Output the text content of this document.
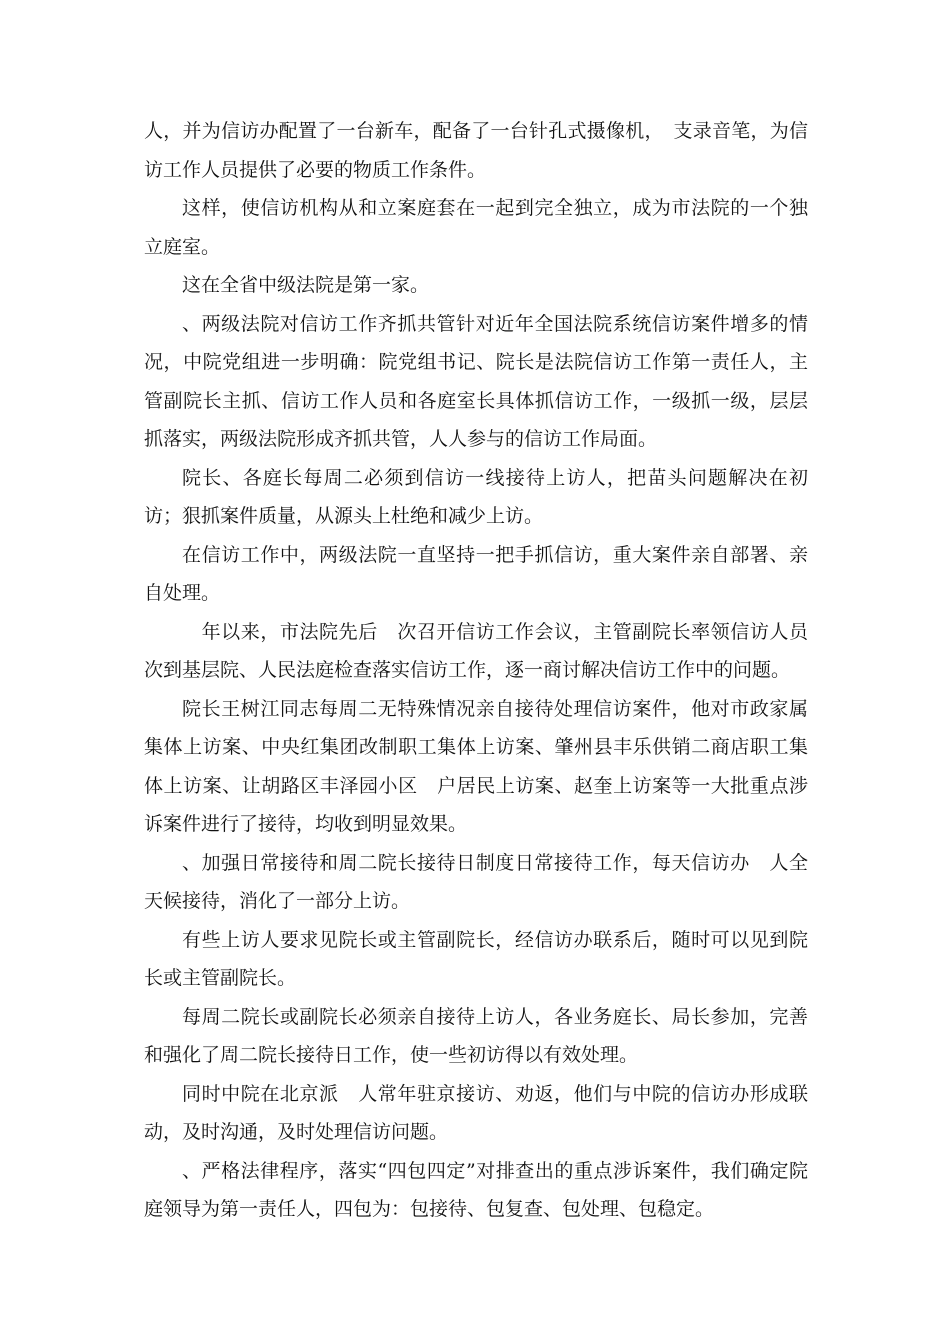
人，并为信访办配置了一台新车，配备了一台针孔式摄像机，　支录音笔，为信访工作人员提供了必要的物质工作条件。

这样，使信访机构从和立案庭套在一起到完全独立，成为市法院的一个独立庭室。

这在全省中级法院是第一家。

、两级法院对信访工作齐抓共管针对近年全国法院系统信访案件增多的情况，中院党组进一步明确：院党组书记、院长是法院信访工作第一责任人，主管副院长主抓、信访工作人员和各庭室长具体抓信访工作，一级抓一级，层层抓落实，两级法院形成齐抓共管，人人参与的信访工作局面。

院长、各庭长每周二必须到信访一线接待上访人，把苗头问题解决在初访；狠抓案件质量，从源头上杜绝和减少上访。

在信访工作中，两级法院一直坚持一把手抓信访，重大案件亲自部署、亲自处理。

　年以来，市法院先后　次召开信访工作会议，主管副院长率领信访人员　次到基层院、人民法庭检查落实信访工作，逐一商讨解决信访工作中的问题。

院长王树江同志每周二无特殊情况亲自接待处理信访案件，他对市政家属集体上访案、中央红集团改制职工集体上访案、肇州县丰乐供销二商店职工集体上访案、让胡路区丰泽园小区　户居民上访案、赵奎上访案等一大批重点涉诉案件进行了接待，均收到明显效果。

、加强日常接待和周二院长接待日制度日常接待工作，每天信访办　人全天候接待，消化了一部分上访。

有些上访人要求见院长或主管副院长，经信访办联系后，随时可以见到院长或主管副院长。

每周二院长或副院长必须亲自接待上访人，各业务庭长、局长参加，完善和强化了周二院长接待日工作，使一些初访得以有效处理。

同时中院在北京派　人常年驻京接访、劝返，他们与中院的信访办形成联动，及时沟通，及时处理信访问题。

、严格法律程序，落实“四包四定”对排查出的重点涉诉案件，我们确定院庭领导为第一责任人，四包为：包接待、包复查、包处理、包稳定。
